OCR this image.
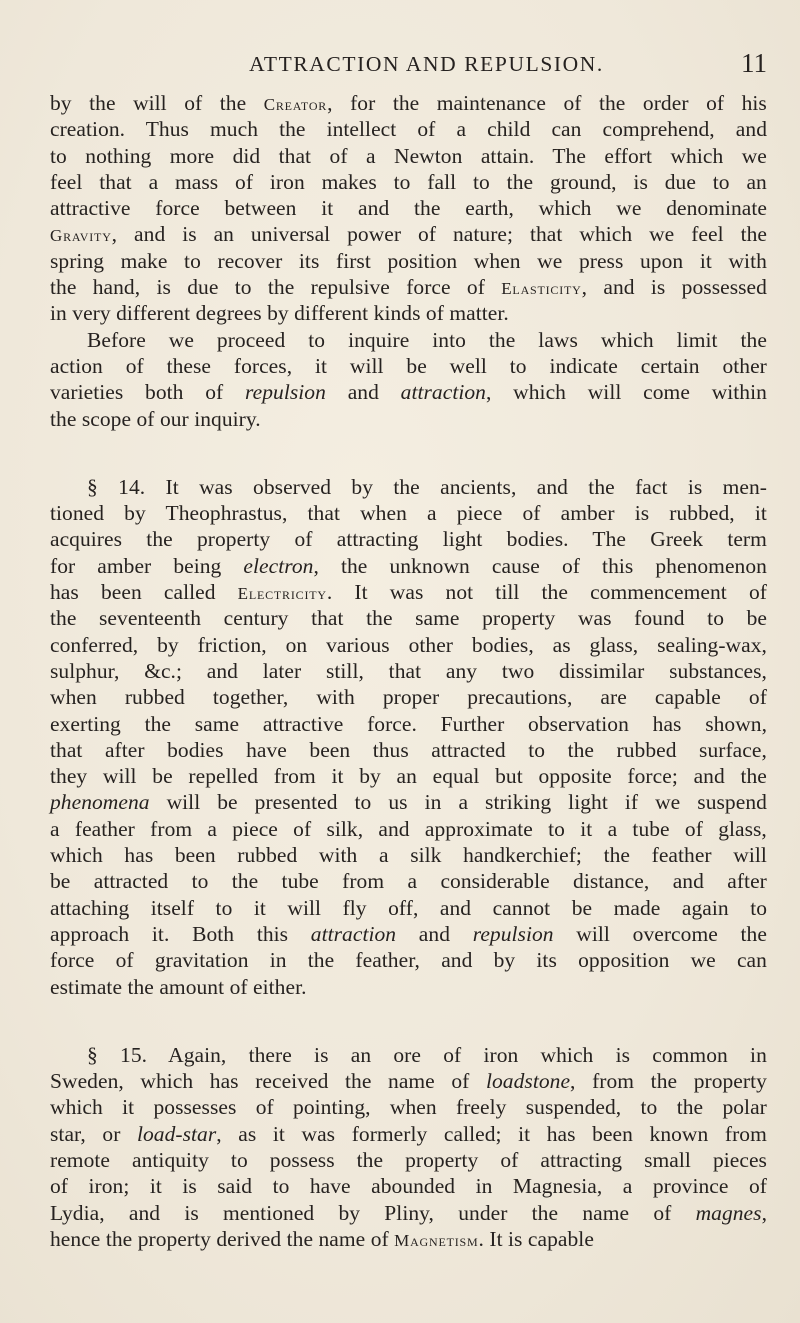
ATTRACTION AND REPULSION.	11
by the will of the Creator, for the maintenance of the order of his
creation. Thus much the intellect of a child can comprehend, and
to nothing more did that of a Newton attain. The effort which we
feel that a mass of iron makes to fall to the ground, is due to an
attractive force between it and the earth, which we denominate
Gravity, and is an universal power of nature; that which we feel the
spring make to recover its first position when we press upon it with
the hand, is due to the repulsive force of Elasticity, and is possessed
in very different degrees by different kinds of matter.
Before we proceed to inquire into the laws which limit the
action of these forces, it will be well to indicate certain other
varieties both of repulsion and attraction, which will come within
the scope of our inquiry.
§ 14. It was observed by the ancients, and the fact is men-
tioned by Theophrastus, that when a piece of amber is rubbed, it
acquires the property of attracting light bodies. The Greek term
for amber being electron, the unknown cause of this phenomenon
has been called Electricity. It was not till the commencement of
the seventeenth century that the same property was found to be
conferred, by friction, on various other bodies, as glass, sealing-wax,
sulphur, &c.; and later still, that any two dissimilar substances,
when rubbed together, with proper precautions, are capable of
exerting the same attractive force. Further observation has shown,
that after bodies have been thus attracted to the rubbed surface,
they will be repelled from it by an equal but opposite force; and the
phenomena will be presented to us in a striking light if we suspend
a feather from a piece of silk, and approximate to it a tube of glass,
which has been rubbed with a silk handkerchief; the feather will
be attracted to the tube from a considerable distance, and after
attaching itself to it will fly off, and cannot be made again to
approach it. Both this attraction and repulsion will overcome the
force of gravitation in the feather, and by its opposition we can
estimate the amount of either.
§ 15. Again, there is an ore of iron which is common in
Sweden, which has received the name of loadstone, from the property
which it possesses of pointing, when freely suspended, to the polar
star, or load-star, as it was formerly called; it has been known from
remote antiquity to possess the property of attracting small pieces
of iron; it is said to have abounded in Magnesia, a province of
Lydia, and is mentioned by Pliny, under the name of magnes,
hence the property derived the name of Magnetism. It is capable
